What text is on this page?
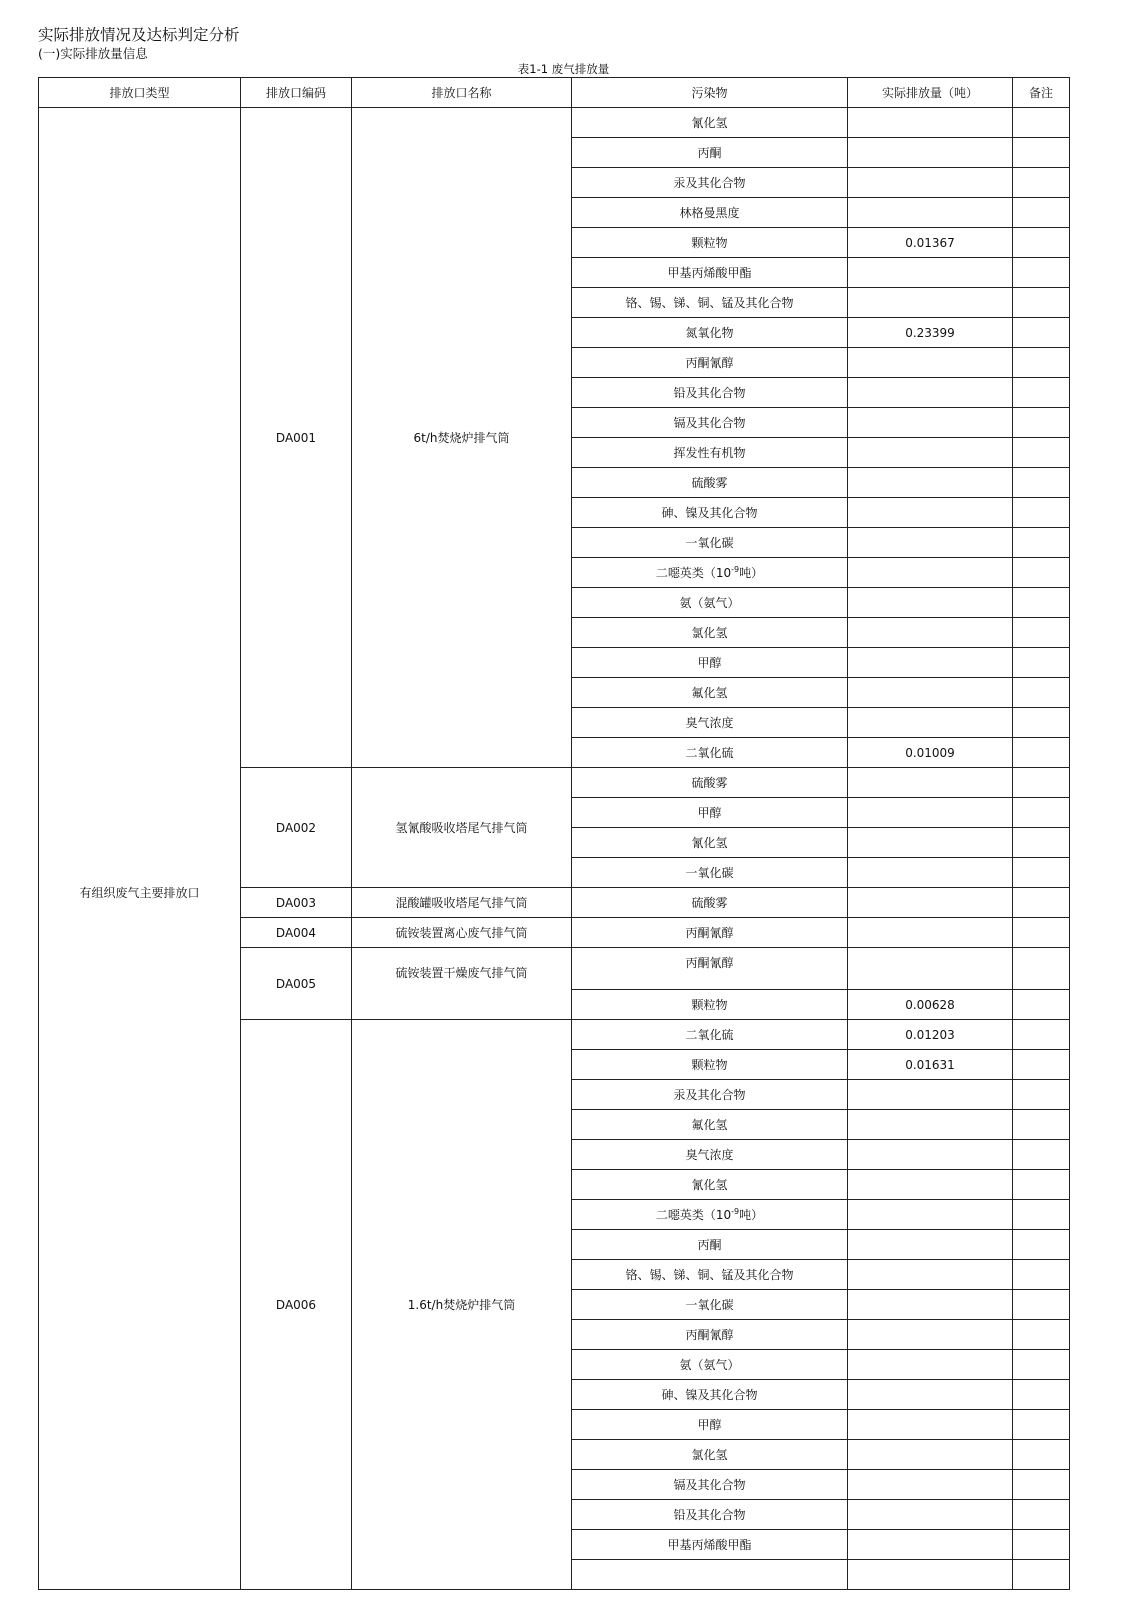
实际排放情况及达标判定分析
(一)实际排放量信息
表1-1 废气排放量
排放口类型	排放口编码	排放口名称	污染物	实际排放量（吨）	备注
有组织废气主要排放口	DA001	6t/h焚烧炉排气筒	氰化氢		
			丙酮		
			汞及其化合物		
			林格曼黑度		
			颗粒物	0.01367	
			甲基丙烯酸甲酯		
			铬、锡、锑、铜、锰及其化合物		
			氮氧化物	0.23399	
			丙酮氰醇		
			铅及其化合物		
			镉及其化合物		
			挥发性有机物		
			硫酸雾		
			砷、镍及其化合物		
			一氧化碳		
			二噁英类（$10^{-9}$吨）		
			氨（氨气）		
			氯化氢		
			甲醇		
			氟化氢		
			臭气浓度		
			二氧化硫	0.01009	
	DA002	氢氰酸吸收塔尾气排气筒	硫酸雾		
			甲醇		
			氰化氢		
			一氧化碳		
	DA003	混酸罐吸收塔尾气排气筒	硫酸雾		
	DA004	硫铵装置离心废气排气筒	丙酮氰醇		
	DA005	硫铵装置干燥废气排气筒	丙酮氰醇		
			颗粒物	0.00628	
	DA006	1.6t/h焚烧炉排气筒	二氧化硫	0.01203	
			颗粒物	0.01631	
			汞及其化合物		
			氟化氢		
			臭气浓度		
			氰化氢		
			二噁英类（$10^{-9}$吨）		
			丙酮		
			铬、锡、锑、铜、锰及其化合物		
			一氧化碳		
			丙酮氰醇		
			氨（氨气）		
			砷、镍及其化合物		
			甲醇		
			氯化氢		
			镉及其化合物		
			铅及其化合物		
			甲基丙烯酸甲酯		
